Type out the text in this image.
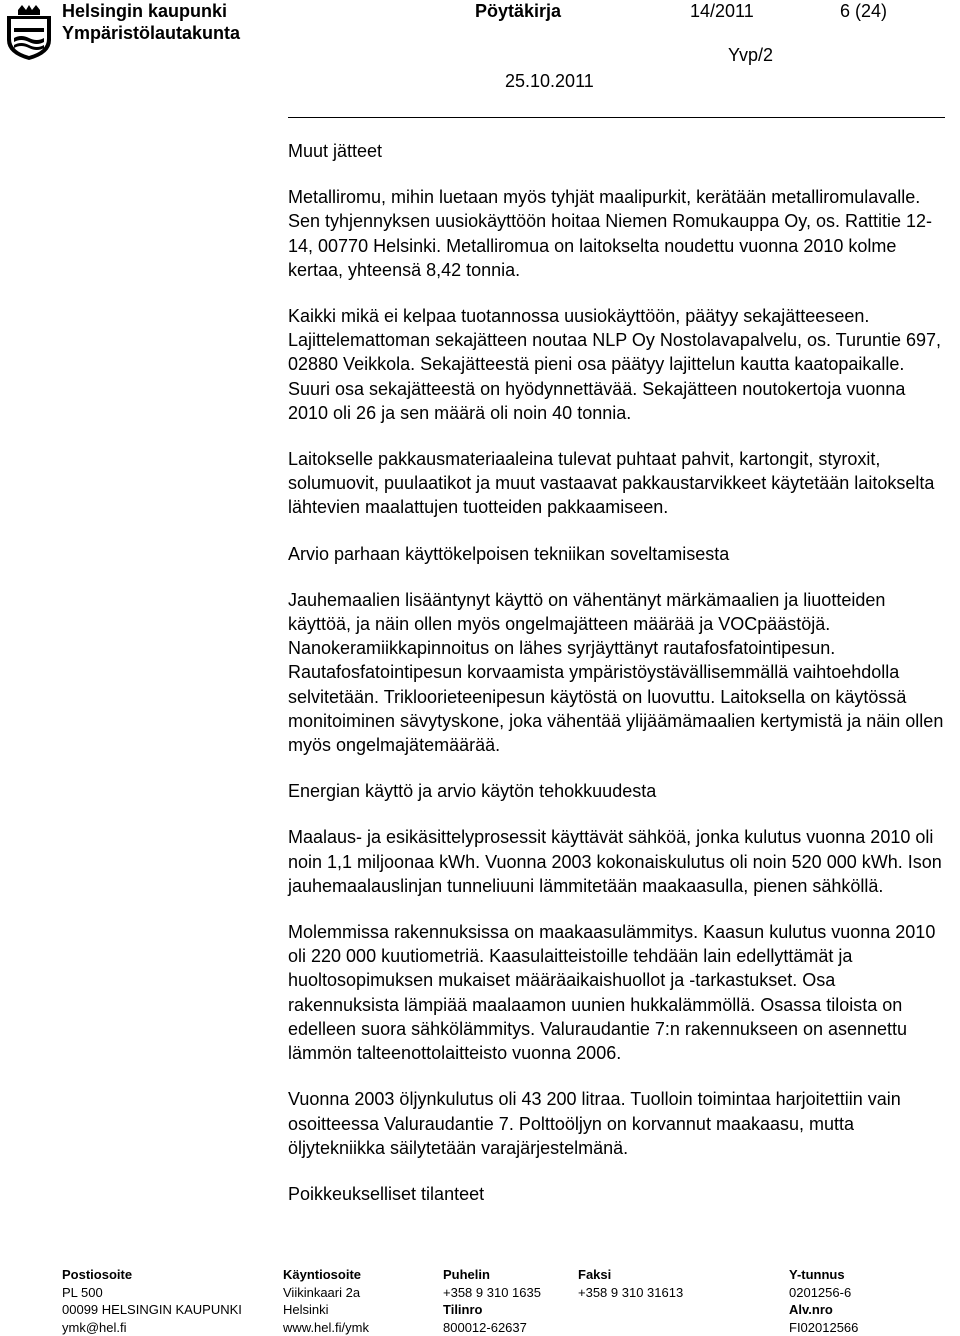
Helsingin kaupunki
Ympäristölautakunta
Pöytäkirja	14/2011	6 (24)
Yvp/2
25.10.2011

Muut jätteet

Metalliromu, mihin luetaan myös tyhjät maalipurkit, kerätään metalliromulavalle. Sen tyhjennyksen uusiokäyttöön hoitaa Niemen Romukauppa Oy, os. Rattitie 12-14, 00770 Helsinki. Metalliromua on laitokselta noudettu vuonna 2010 kolme kertaa, yhteensä 8,42 tonnia.

Kaikki mikä ei kelpaa tuotannossa uusiokäyttöön, päätyy sekajätteeseen. Lajittelemattoman sekajätteen noutaa NLP Oy Nostolavapalvelu, os. Turuntie 697, 02880 Veikkola. Sekajätteestä pieni osa päätyy lajittelun kautta kaatopaikalle. Suuri osa sekajätteestä on hyödynnettävää. Sekajätteen noutokertoja vuonna 2010 oli 26 ja sen määrä oli noin 40 tonnia.

Laitokselle pakkausmateriaaleina tulevat puhtaat pahvit, kartongit, styroxit, solumuovit, puulaatikot ja muut vastaavat pakkaustarvikkeet käytetään laitokselta lähtevien maalattujen tuotteiden pakkaamiseen.

Arvio parhaan käyttökelpoisen tekniikan soveltamisesta

Jauhemaalien lisääntynyt käyttö on vähentänyt märkämaalien ja liuotteiden käyttöä, ja näin ollen myös ongelmajätteen määrää ja VOCpäästöjä. Nanokeramiikkapinnoitus on lähes syrjäyttänyt rautafosfatointipesun. Rautafosfatointipesun korvaamista ympäristöystävällisemmällä vaihtoehdolla selvitetään. Trikloorieteenipesun käytöstä on luovuttu. Laitoksella on käytössä monitoiminen sävytyskone, joka vähentää ylijäämämaalien kertymistä ja näin ollen myös ongelmajätemäärää.

Energian käyttö ja arvio käytön tehokkuudesta

Maalaus- ja esikäsittelyprosessit käyttävät sähköä, jonka kulutus vuonna 2010 oli noin 1,1 miljoonaa kWh. Vuonna 2003 kokonaiskulutus oli noin 520 000 kWh. Ison jauhemaalauslinjan tunneliuuni lämmitetään maakaasulla, pienen sähköllä.

Molemmissa rakennuksissa on maakaasulämmitys. Kaasun kulutus vuonna 2010 oli 220 000 kuutiometriä. Kaasulaitteistoille tehdään lain edellyttämät ja huoltosopimuksen mukaiset määräaikaishuollot ja -tarkastukset. Osa rakennuksista lämpiää maalaamon uunien hukkalämmöllä. Osassa tiloista on edelleen suora sähkölämmitys. Valuraudantie 7:n rakennukseen on asennettu lämmön talteenottolaitteisto vuonna 2006.

Vuonna 2003 öljynkulutus oli 43 200 litraa. Tuolloin toimintaa harjoitettiin vain osoitteessa Valuraudantie 7. Polttoöljyn on korvannut maakaasu, mutta öljytekniikka säilytetään varajärjestelmänä.

Poikkeukselliset tilanteet

Postiosoite
PL 500
00099 HELSINGIN KAUPUNKI
ymk@hel.fi
Käyntiosoite
Viikinkaari 2a
Helsinki
www.hel.fi/ymk
Puhelin
+358 9 310 1635
Tilinro
800012-62637
Faksi
+358 9 310 31613
Y-tunnus
0201256-6
Alv.nro
FI02012566
